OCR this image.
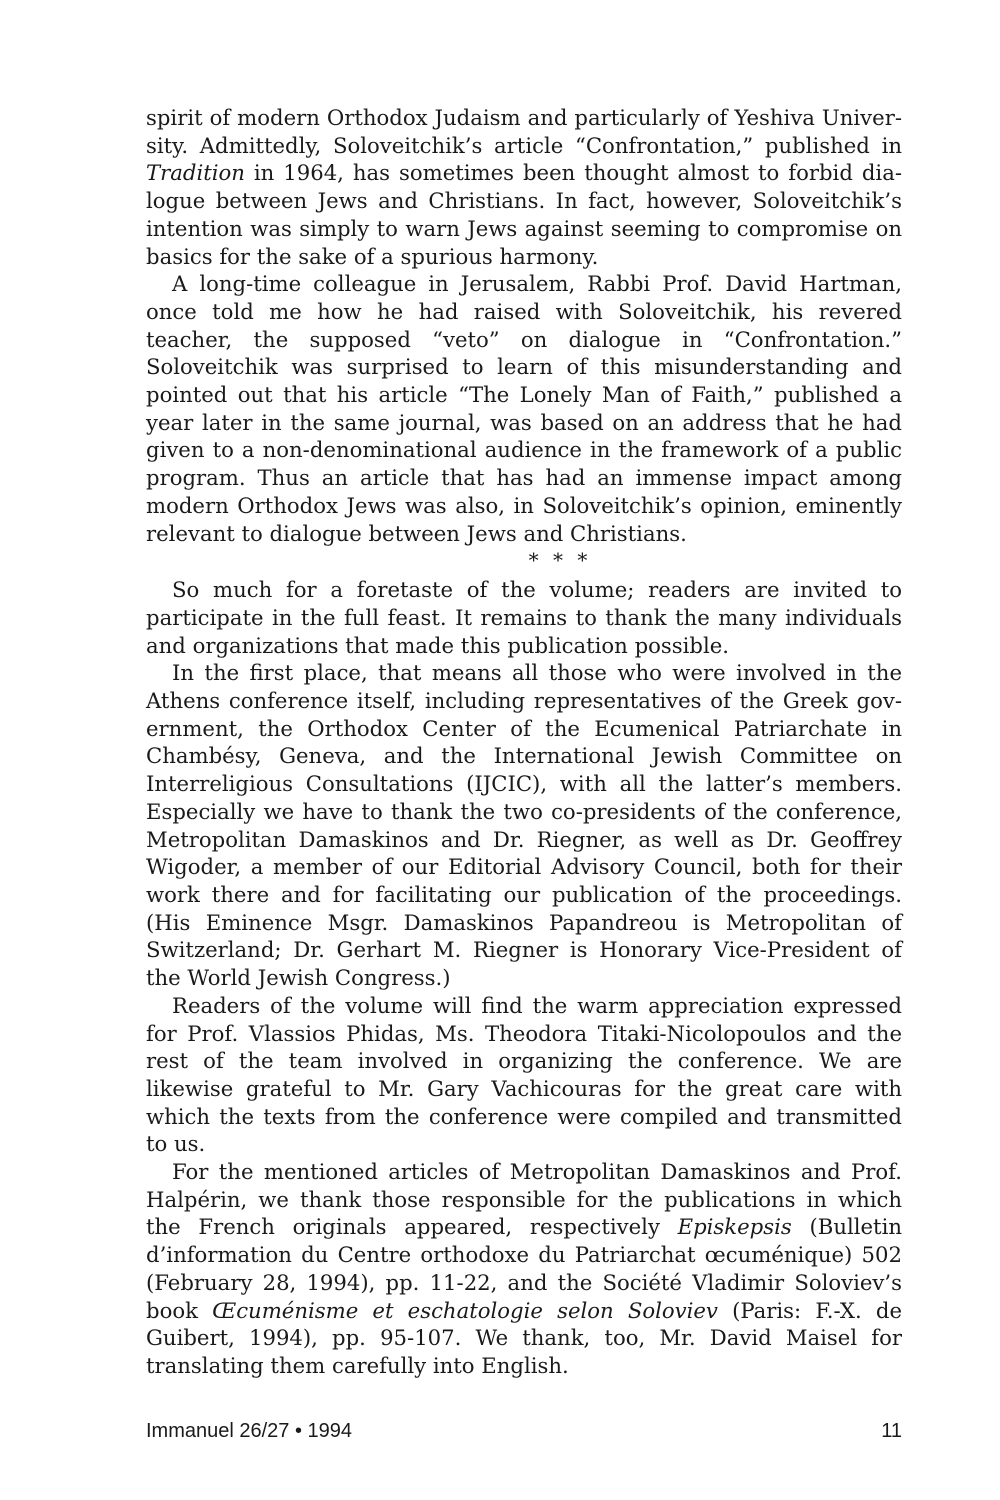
spirit of modern Orthodox Judaism and particularly of Yeshiva University. Admittedly, Soloveitchik’s article “Confrontation,” published in Tradition in 1964, has sometimes been thought almost to forbid dialogue between Jews and Christians. In fact, however, Soloveitchik’s intention was simply to warn Jews against seeming to compromise on basics for the sake of a spurious harmony.

A long-time colleague in Jerusalem, Rabbi Prof. David Hartman, once told me how he had raised with Soloveitchik, his revered teacher, the supposed “veto” on dialogue in “Confrontation.” Soloveitchik was surprised to learn of this misunderstanding and pointed out that his article “The Lonely Man of Faith,” published a year later in the same journal, was based on an address that he had given to a non-denominational audience in the framework of a public program. Thus an article that has had an immense impact among modern Orthodox Jews was also, in Soloveitchik’s opinion, eminently relevant to dialogue between Jews and Christians.

* * *

So much for a foretaste of the volume; readers are invited to participate in the full feast. It remains to thank the many individuals and organizations that made this publication possible.

In the first place, that means all those who were involved in the Athens conference itself, including representatives of the Greek government, the Orthodox Center of the Ecumenical Patriarchate in Chambésy, Geneva, and the International Jewish Committee on Interreligious Consultations (IJCIC), with all the latter’s members. Especially we have to thank the two co-presidents of the conference, Metropolitan Damaskinos and Dr. Riegner, as well as Dr. Geoffrey Wigoder, a member of our Editorial Advisory Council, both for their work there and for facilitating our publication of the proceedings. (His Eminence Msgr. Damaskinos Papandreou is Metropolitan of Switzerland; Dr. Gerhart M. Riegner is Honorary Vice-President of the World Jewish Congress.)

Readers of the volume will find the warm appreciation expressed for Prof. Vlassios Phidas, Ms. Theodora Titaki-Nicolopoulos and the rest of the team involved in organizing the conference. We are likewise grateful to Mr. Gary Vachicouras for the great care with which the texts from the conference were compiled and transmitted to us.

For the mentioned articles of Metropolitan Damaskinos and Prof. Halpérin, we thank those responsible for the publications in which the French originals appeared, respectively Episkepsis (Bulletin d’information du Centre orthodoxe du Patriarchat œcuménique) 502 (February 28, 1994), pp. 11-22, and the Société Vladimir Soloviev’s book Œcuménisme et eschatologie selon Soloviev (Paris: F.-X. de Guibert, 1994), pp. 95-107. We thank, too, Mr. David Maisel for translating them carefully into English.

Immanuel 26/27 • 1994	11
